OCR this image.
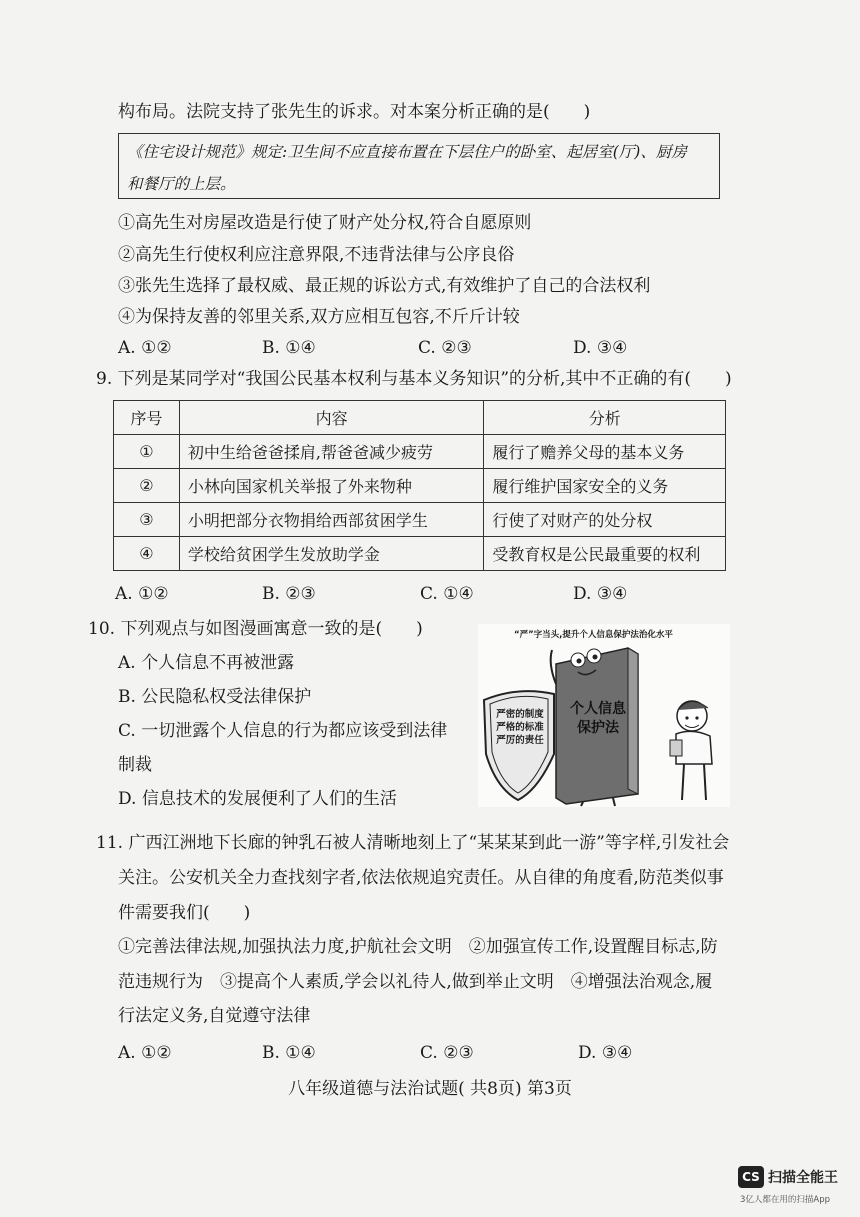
构布局。法院支持了张先生的诉求。对本案分析正确的是(　　)
《住宅设计规范》规定:卫生间不应直接布置在下层住户的卧室、起居室(厅)、厨房
和餐厅的上层。
①高先生对房屋改造是行使了财产处分权,符合自愿原则
②高先生行使权利应注意界限,不违背法律与公序良俗
③张先生选择了最权威、最正规的诉讼方式,有效维护了自己的合法权利
④为保持友善的邻里关系,双方应相互包容,不斤斤计较
A. ①②	B. ①④	C. ②③	D. ③④
9. 下列是某同学对“我国公民基本权利与基本义务知识”的分析,其中不正确的有(　　)
序号	内容	分析
①	初中生给爸爸揉肩,帮爸爸减少疲劳	履行了赡养父母的基本义务
②	小林向国家机关举报了外来物种	履行维护国家安全的义务
③	小明把部分衣物捐给西部贫困学生	行使了对财产的处分权
④	学校给贫困学生发放助学金	受教育权是公民最重要的权利
A. ①②	B. ②③	C. ①④	D. ③④
10. 下列观点与如图漫画寓意一致的是(　　)
A. 个人信息不再被泄露
B. 公民隐私权受法律保护
C. 一切泄露个人信息的行为都应该受到法律
制裁
D. 信息技术的发展便利了人们的生活
“严”字当头,提升个人信息保护法治化水平
严密的制度
严格的标准
严厉的责任
个人信息
保护法
11. 广西江洲地下长廊的钟乳石被人清晰地刻上了“某某某到此一游”等字样,引发社会
关注。公安机关全力查找刻字者,依法依规追究责任。从自律的角度看,防范类似事
件需要我们(　　)
①完善法律法规,加强执法力度,护航社会文明　②加强宣传工作,设置醒目标志,防
范违规行为　③提高个人素质,学会以礼待人,做到举止文明　④增强法治观念,履
行法定义务,自觉遵守法律
A. ①②	B. ①④	C. ②③	D. ③④
八年级道德与法治试题( 共8页) 第3页
CS 扫描全能王
3亿人都在用的扫描App
